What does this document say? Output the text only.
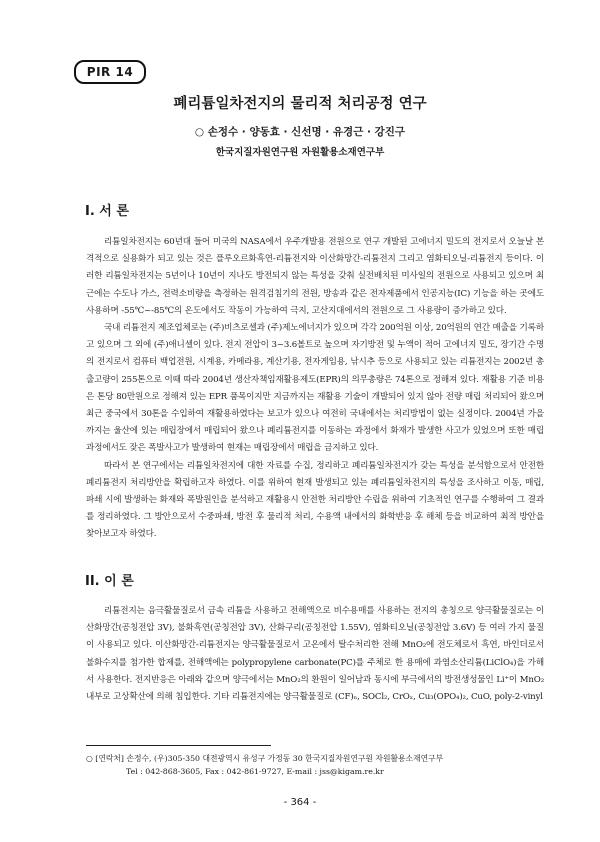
PIR 14
폐리튬일차전지의 물리적 처리공정 연구
○ 손정수 · 양동효 · 신선명 · 유경근 · 강진구
한국지질자원연구원 자원활용소재연구부
I. 서 론

리튬일차전지는 60년대 들어 미국의 NASA에서 우주개발용 전원으로 연구 개발된 고에너지 밀도의 전지로서 오늘날 본격적으로 실용화가 되고 있는 것은 플루오르화흑연-리튬전지와 이산화망간-리튬전지 그리고 염화티오닐-리튬전지 등이다. 이러한 리튬일차전지는 5년이나 10년이 지나도 방전되지 않는 특성을 갖춰 실전배치된 미사일의 전원으로 사용되고 있으며 최근에는 수도나 가스, 전력소비량을 측정하는 원격검침기의 전원, 방송과 같은 전자제품에서 인공지능(IC) 기능을 하는 곳에도 사용하며 -55℃~-85℃의 온도에서도 작동이 가능하여 극지, 고산지대에서의 전원으로 그 사용량이 증가하고 있다.

국내 리튬전지 제조업체로는 (주)비츠로셀과 (주)제노에너지가 있으며 각각 200억원 이상, 20억원의 연간 매출을 기록하고 있으며 그 외에 (주)애니셀이 있다. 전지 전압이 3~3.6볼트로 높으며 자기방전 및 누액이 적어 고에너지 밀도, 장기간 수명의 전지로서 컴퓨터 백업전원, 시계용, 카메라용, 계산기용, 전자게임용, 낚시추 등으로 사용되고 있는 리튬전지는 2002년 총출고량이 255톤으로 이때 따라 2004년 생산자책임재활용제도(EPR)의 의무총량은 74톤으로 정해져 있다. 재활용 기준 비용은 톤당 80만원으로 정해져 있는 EPR 품목이지만 지금까지는 재활용 기술이 개발되어 있지 않아 전량 매립 처리되어 왔으며 최근 중국에서 30톤을 수입하여 재활용하였다는 보고가 있으나 여전히 국내에서는 처리방법이 없는 실정이다. 2004년 가을까지는 울산에 있는 매립장에서 매립되어 왔으나 폐리튬전지를 이동하는 과정에서 화재가 발생한 사고가 있었으며 또한 매립과정에서도 잦은 폭발사고가 발생하여 현재는 매립장에서 매립을 금지하고 있다.

따라서 본 연구에서는 리튬일차전지에 대한 자료를 수집, 정리하고 폐리튬일차전지가 갖는 특성을 분석함으로서 안전한 폐리튬전지 처리방안을 확립하고자 하였다. 이를 위하여 현재 발생되고 있는 폐리튬일차전지의 특성을 조사하고 이동, 매립, 파쇄 시에 발생하는 화재와 폭발원인을 분석하고 재활용시 안전한 처리방안 수립을 위하여 기초적인 연구를 수행하여 그 결과를 정리하였다. 그 방안으로서 수중파쇄, 방전 후 물리적 처리, 수용액 내에서의 화학반응 후 해체 등을 비교하여 최적 방안을 찾아보고자 하였다.

II. 이 론

리튬전지는 음극활물질로서 금속 리튬을 사용하고 전해액으로 비수용매를 사용하는 전지의 총칭으로 양극활물질로는 이산화망간(공칭전압 3V), 불화흑연(공칭전압 3V), 산화구리(공칭전압 1.55V), 염화티오닐(공칭전압 3.6V) 등 여러 가지 물질이 사용되고 있다. 이산화망간-리튬전지는 양극활물질로서 고온에서 탈수처리한 전해 MnO₂에 전도체로서 흑연, 바인더로서 불화수지를 첨가한 합제를, 전해액에는 polypropylene carbonate(PC)를 주체로 한 용매에 과염소산리튬(LiClO₄)을 가해서 사용한다. 전지반응은 아래와 같으며 양극에서는 MnO₂의 환원이 일어남과 동시에 부극에서의 방전생성물인 Li⁺이 MnO₂내부로 고상확산에 의해 침입한다. 기타 리튬전지에는 양극활물질로 (CF)ₙ, SOCl₂, CrOₓ, Cu₃(OPO₄)₂, CuO, poly-2-vinyl

○ [연락처] 손정수, (우)305-350 대전광역시 유성구 가정동 30 한국지질자원연구원 자원활용소재연구부
Tel : 042-868-3605, Fax : 042-861-9727, E-mail : jss@kigam.re.kr
- 364 -
